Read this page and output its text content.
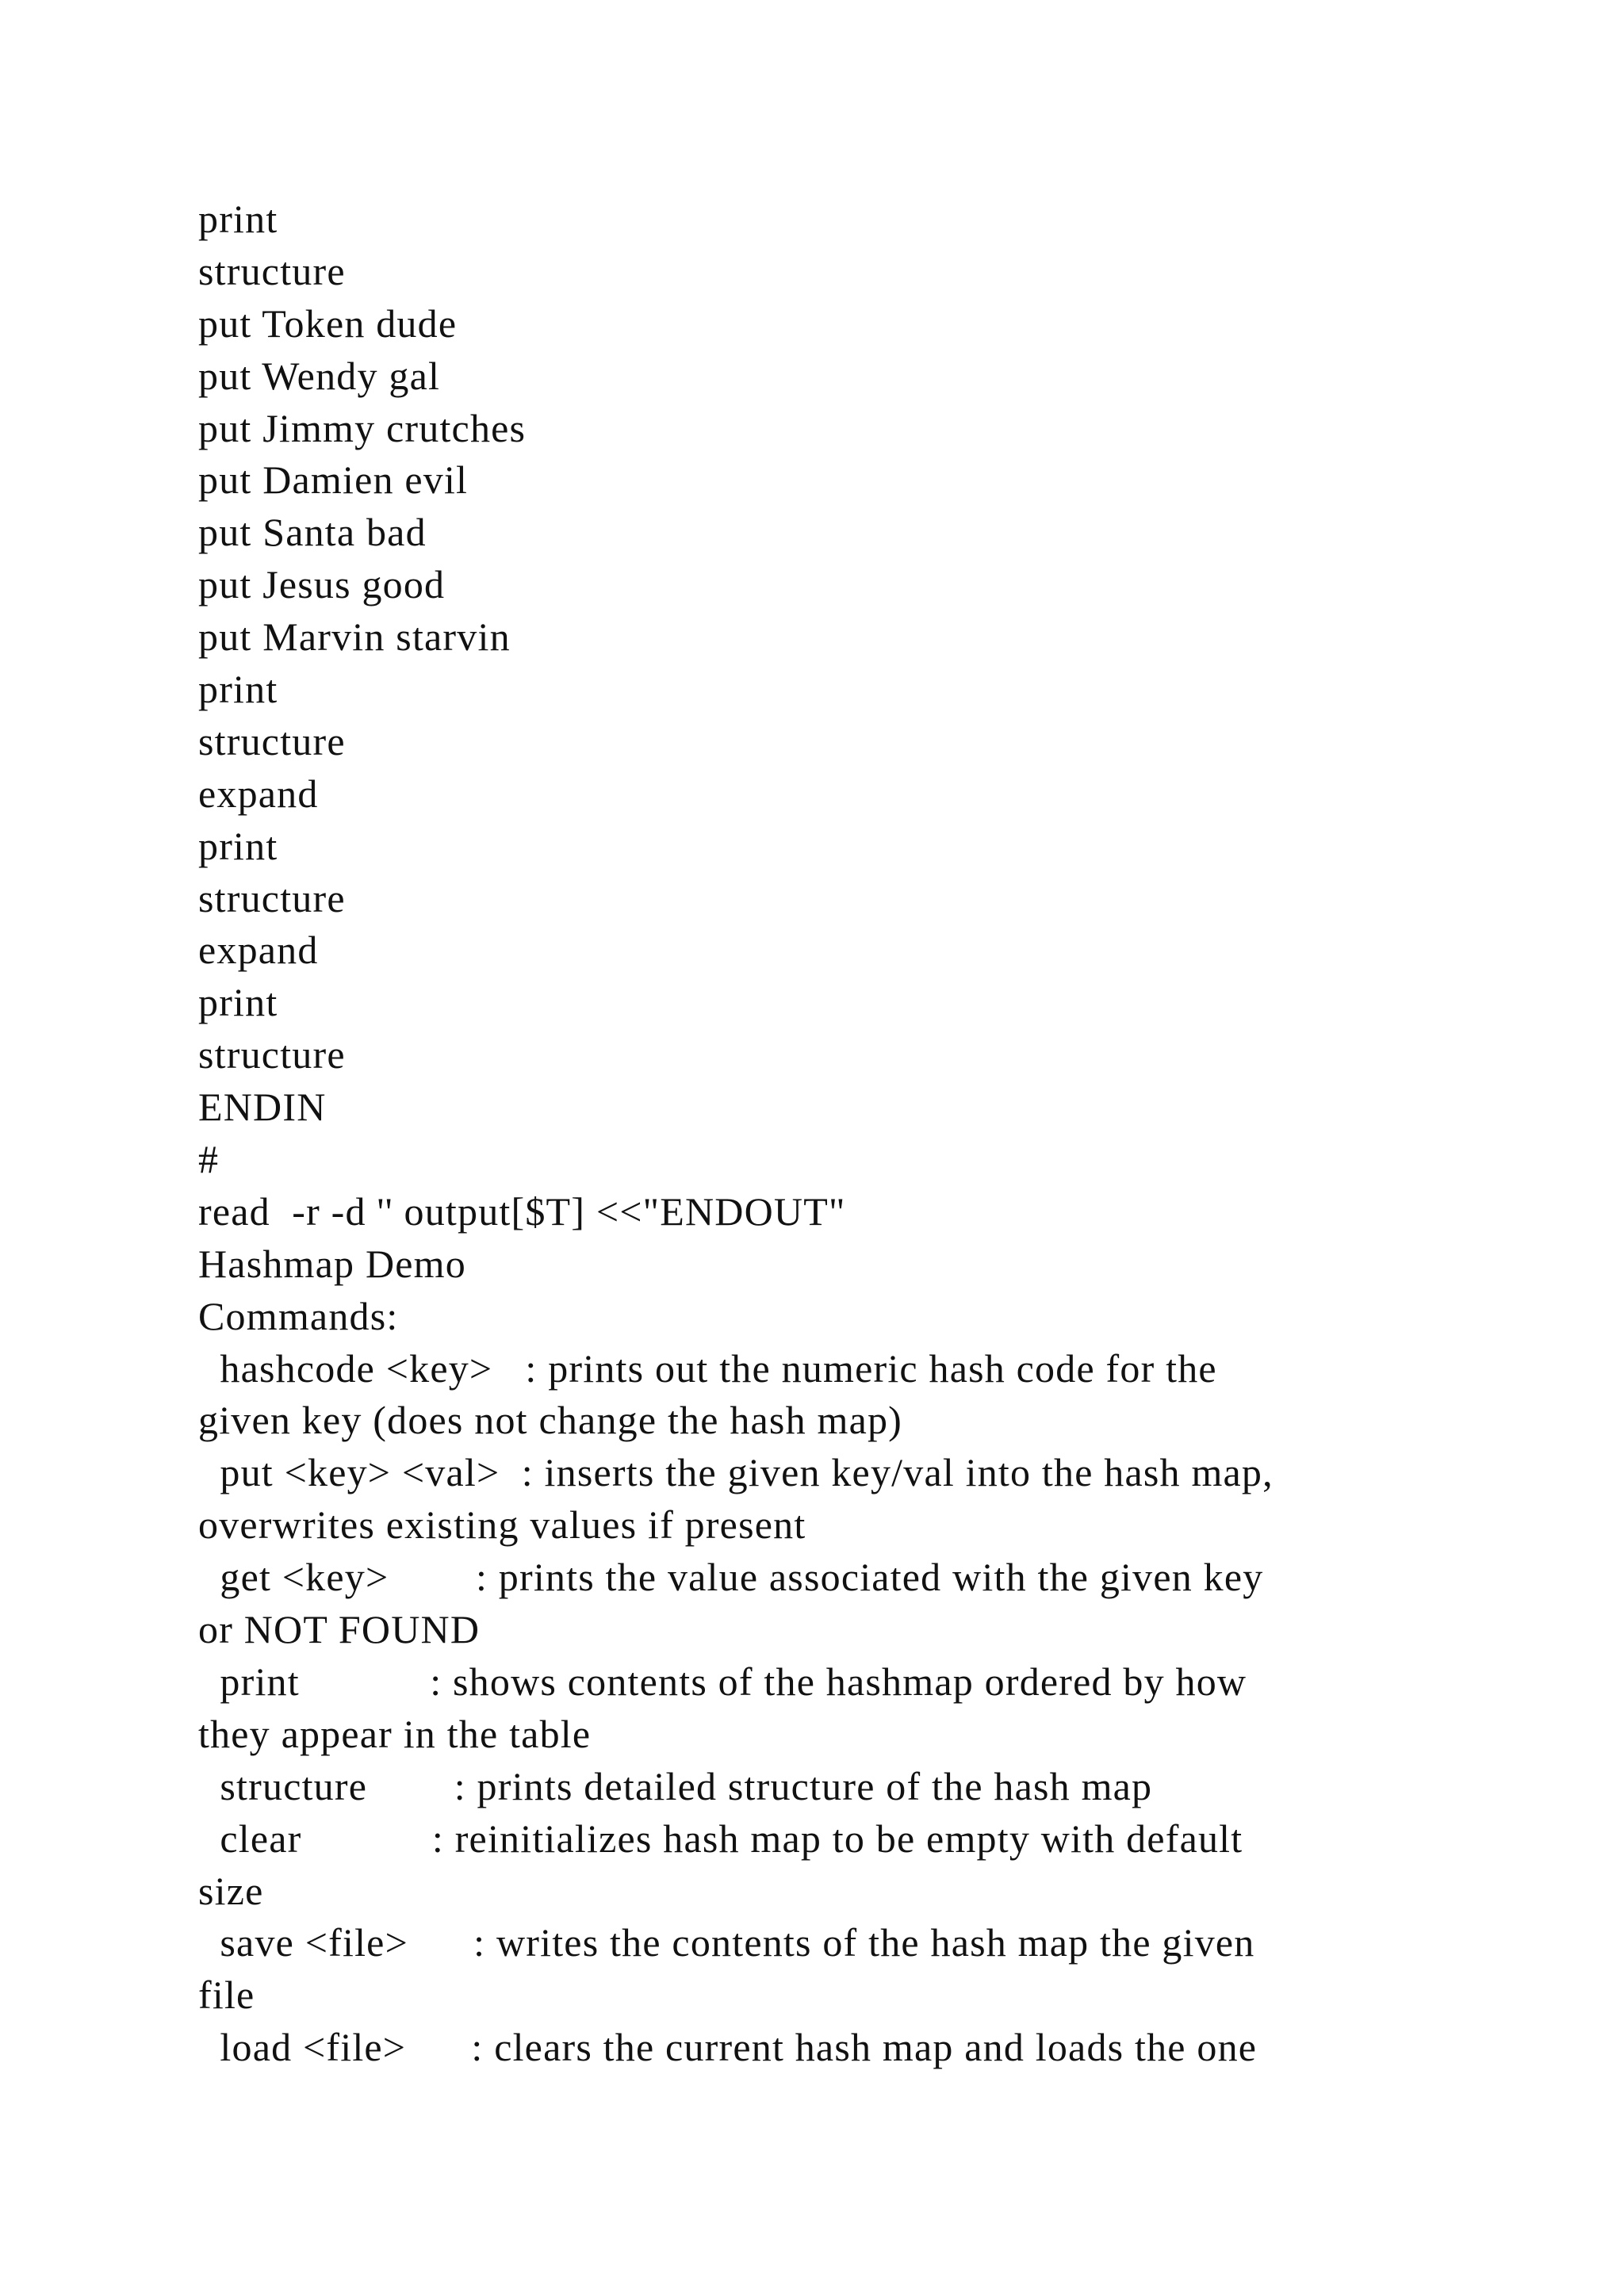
print
structure
put Token dude
put Wendy gal
put Jimmy crutches
put Damien evil
put Santa bad
put Jesus good
put Marvin starvin
print
structure
expand
print
structure
expand
print
structure
ENDIN
#
read  -r -d '' output[$T] <<"ENDOUT"
Hashmap Demo
Commands:
hashcode <key>   : prints out the numeric hash code for the
given key (does not change the hash map)
put <key> <val>  : inserts the given key/val into the hash map,
overwrites existing values if present
get <key>        : prints the value associated with the given key
or NOT FOUND
print            : shows contents of the hashmap ordered by how
they appear in the table
structure        : prints detailed structure of the hash map
clear            : reinitializes hash map to be empty with default
size
save <file>      : writes the contents of the hash map the given
file
load <file>      : clears the current hash map and loads the one
